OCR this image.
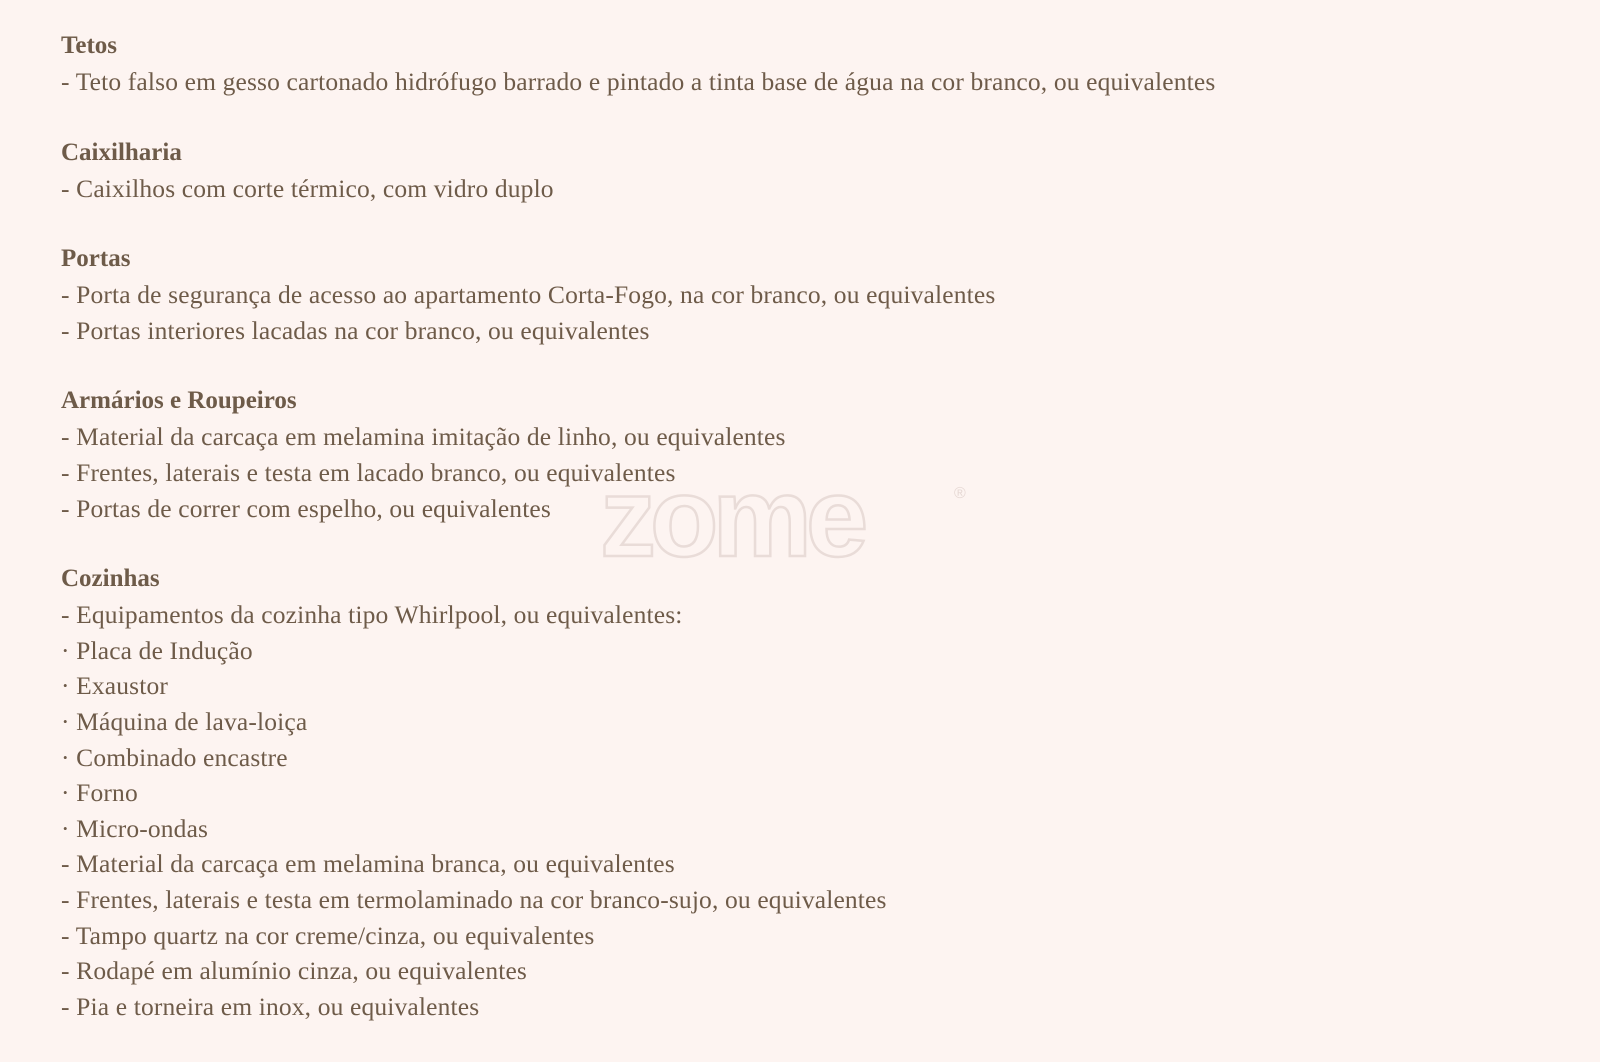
Tetos
- Teto falso em gesso cartonado hidrófugo barrado e pintado a tinta base de água na cor branco, ou equivalentes
Caixilharia
- Caixilhos com corte térmico, com vidro duplo
Portas
- Porta de segurança de acesso ao apartamento Corta-Fogo, na cor branco, ou equivalentes
- Portas interiores lacadas na cor branco, ou equivalentes
Armários e Roupeiros
- Material da carcaça em melamina imitação de linho, ou equivalentes
- Frentes, laterais e testa em lacado branco, ou equivalentes
- Portas de correr com espelho, ou equivalentes
Cozinhas
- Equipamentos da cozinha tipo Whirlpool, ou equivalentes:
· Placa de Indução
· Exaustor
· Máquina de lava-loiça
· Combinado encastre
· Forno
· Micro-ondas
- Material da carcaça em melamina branca, ou equivalentes
- Frentes, laterais e testa em termolaminado na cor branco-sujo, ou equivalentes
- Tampo quartz na cor creme/cinza, ou equivalentes
- Rodapé em alumínio cinza, ou equivalentes
- Pia e torneira em inox, ou equivalentes
zome	®
